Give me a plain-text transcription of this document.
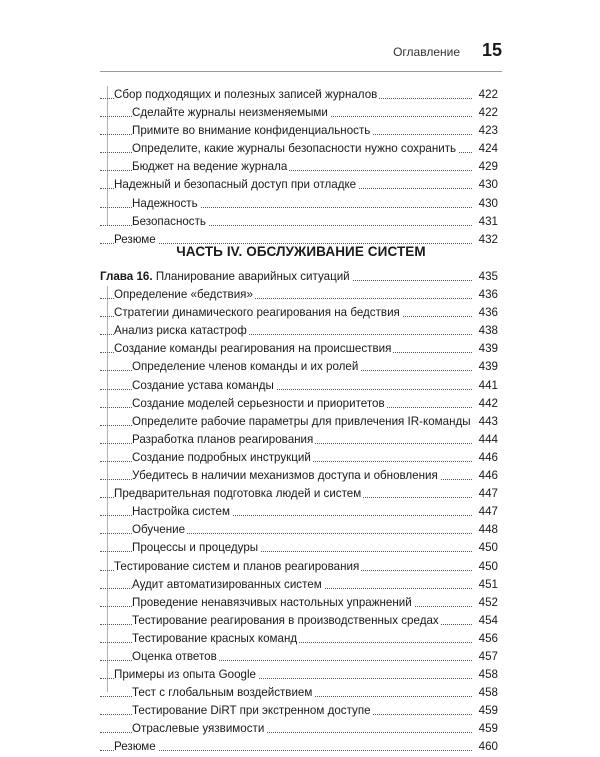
Оглавление 15
Сбор подходящих и полезных записей журналов	422
Сделайте журналы неизменяемыми	422
Примите во внимание конфиденциальность	423
Определите, какие журналы безопасности нужно сохранить	424
Бюджет на ведение журнала	429
Надежный и безопасный доступ при отладке	430
Надежность	430
Безопасность	431
Резюме	432
ЧАСТЬ IV. ОБСЛУЖИВАНИЕ СИСТЕМ
Глава 16. Планирование аварийных ситуаций	435
Определение «бедствия»	436
Стратегии динамического реагирования на бедствия	436
Анализ риска катастроф	438
Создание команды реагирования на происшествия	439
Определение членов команды и их ролей	439
Создание устава команды	441
Создание моделей серьезности и приоритетов	442
Определите рабочие параметры для привлечения IR-команды 443
Разработка планов реагирования	444
Создание подробных инструкций	446
Убедитесь в наличии механизмов доступа и обновления	446
Предварительная подготовка людей и систем	447
Настройка систем	447
Обучение	448
Процессы и процедуры	450
Тестирование систем и планов реагирования	450
Аудит автоматизированных систем	451
Проведение ненавязчивых настольных упражнений	452
Тестирование реагирования в производственных средах	454
Тестирование красных команд	456
Оценка ответов	457
Примеры из опыта Google	458
Тест с глобальным воздействием	458
Тестирование DiRT при экстренном доступе	459
Отраслевые уязвимости	459
Резюме	460
